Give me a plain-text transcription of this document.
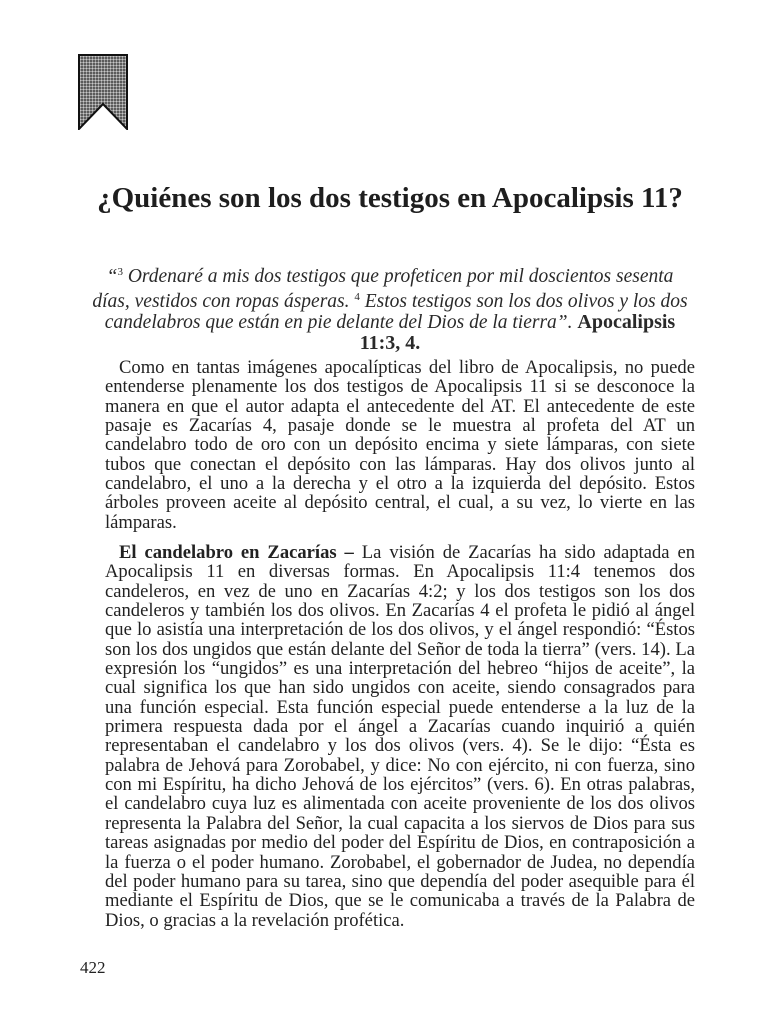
¿Quiénes son los dos testigos en Apocalipsis 11?
“$^3$ Ordenaré a mis dos testigos que profeticen por mil doscientos sesenta días, vestidos con ropas ásperas. $^4$ Estos testigos son los dos olivos y los dos candelabros que están en pie delante del Dios de la tierra”. Apocalipsis 11:3, 4.

Como en tantas imágenes apocalípticas del libro de Apocalipsis, no puede entenderse plenamente los dos testigos de Apocalipsis 11 si se desconoce la manera en que el autor adapta el antecedente del AT. El antecedente de este pasaje es Zacarías 4, pasaje donde se le muestra al profeta del AT un candelabro todo de oro con un depósito encima y siete lámparas, con siete tubos que conectan el depósito con las lámparas. Hay dos olivos junto al candelabro, el uno a la derecha y el otro a la izquierda del depósito. Estos árboles proveen aceite al depósito central, el cual, a su vez, lo vierte en las lámparas.

El candelabro en Zacarías – La visión de Zacarías ha sido adaptada en Apocalipsis 11 en diversas formas. En Apocalipsis 11:4 tenemos dos candeleros, en vez de uno en Zacarías 4:2; y los dos testigos son los dos candeleros y también los dos olivos. En Zacarías 4 el profeta le pidió al ángel que lo asistía una interpretación de los dos olivos, y el ángel respondió: “Éstos son los dos ungidos que están delante del Señor de toda la tierra” (vers. 14). La expresión los “ungidos” es una interpretación del hebreo “hijos de aceite”, la cual significa los que han sido ungidos con aceite, siendo consagrados para una función especial. Esta función especial puede entenderse a la luz de la primera respuesta dada por el ángel a Zacarías cuando inquirió a quién representaban el candelabro y los dos olivos (vers. 4). Se le dijo: “Ésta es palabra de Jehová para Zorobabel, y dice: No con ejército, ni con fuerza, sino con mi Espíritu, ha dicho Jehová de los ejércitos” (vers. 6). En otras palabras, el candelabro cuya luz es alimentada con aceite proveniente de los dos olivos representa la Palabra del Señor, la cual capacita a los siervos de Dios para sus tareas asignadas por medio del poder del Espíritu de Dios, en contraposición a la fuerza o el poder humano. Zorobabel, el gobernador de Judea, no dependía del poder humano para su tarea, sino que dependía del poder asequible para él mediante el Espíritu de Dios, que se le comunicaba a través de la Palabra de Dios, o gracias a la revelación profética.

422
